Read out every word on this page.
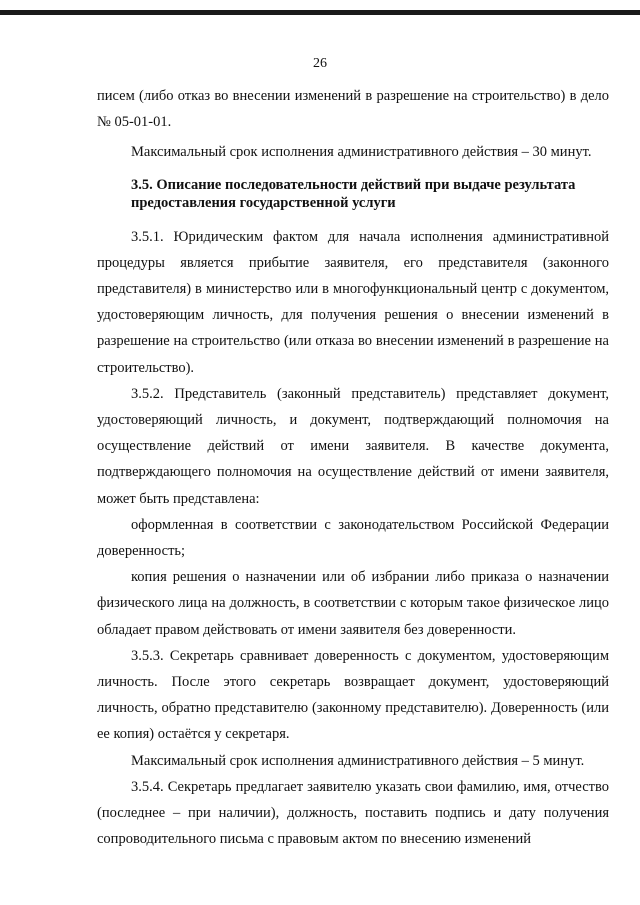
26

писем (либо отказ во внесении изменений в разрешение на строительство) в дело № 05-01-01.

Максимальный срок исполнения административного действия – 30 минут.

3.5. Описание последовательности действий при выдаче результата предоставления государственной услуги

3.5.1. Юридическим фактом для начала исполнения административной процедуры является прибытие заявителя, его представителя (законного представителя) в министерство или в многофункциональный центр с документом, удостоверяющим личность, для получения решения о внесении изменений в разрешение на строительство (или отказа во внесении изменений в разрешение на строительство).

3.5.2. Представитель (законный представитель) представляет документ, удостоверяющий личность, и документ, подтверждающий полномочия на осуществление действий от имени заявителя. В качестве документа, подтверждающего полномочия на осуществление действий от имени заявителя, может быть представлена:

оформленная в соответствии с законодательством Российской Федерации доверенность;

копия решения о назначении или об избрании либо приказа о назначении физического лица на должность, в соответствии с которым такое физическое лицо обладает правом действовать от имени заявителя без доверенности.

3.5.3. Секретарь сравнивает доверенность с документом, удостоверяющим личность. После этого секретарь возвращает документ, удостоверяющий личность, обратно представителю (законному представителю). Доверенность (или ее копия) остаётся у секретаря.

Максимальный срок исполнения административного действия – 5 минут.

3.5.4. Секретарь предлагает заявителю указать свои фамилию, имя, отчество (последнее – при наличии), должность, поставить подпись и дату получения сопроводительного письма с правовым актом по внесению изменений
